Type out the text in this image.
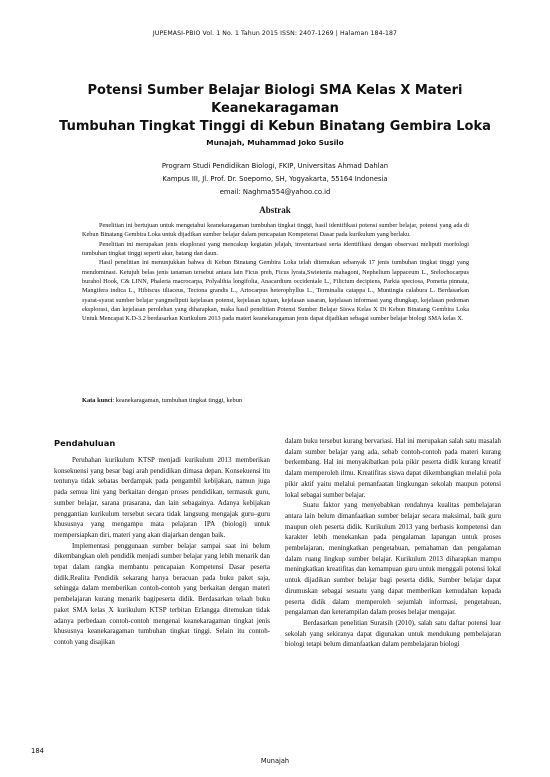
JUPEMASI-PBIO Vol. 1 No. 1 Tahun 2015 ISSN: 2407-1269 | Halaman 184-187
Potensi Sumber Belajar Biologi SMA Kelas X Materi Keanekaragaman
Tumbuhan Tingkat Tinggi di Kebun Binatang Gembira Loka
Munajah, Muhammad Joko Susilo
Program Studi Pendidikan Biologi, FKIP, Universitas Ahmad Dahlan
Kampus III, Jl. Prof. Dr. Soepomo, SH, Yogyakarta, 55164 Indonesia
email: Naghma554@yahoo.co.id
Abstrak

Penelitian ini bertujuan untuk mengetahui keanekaragaman tumbuhan tingkat tinggi, hasil identifikasi potensi sumber belajar, potensi yang ada di Kebun Binatang Gembira Loka untuk dijadikan sumber belajar dalam pencapaian Kompetensi Dasar pada kurikulum yang berlaku.

Penelitian ini merupakan jenis eksplorasi yang mencakup kegiatan jelajah, inventarisasi serta identifikasi dengan observasi meliputi morfologi tumbuhan tingkat tinggi seperti akar, batang dan daun.

Hasil penelitian ini menunjukkan bahwa di Kebun Binatang Gembira Loka telah ditemukan sebanyak 17 jenis tumbuhan tingkat tinggi yang mendominasi. Ketujuh belas jenis tanaman tersebut antara lain Ficus preh, Ficus lyrata,Swietenia mahagoni, Nephelium lappaceum L., Srelochocarpus burahol Hook, C& LINN, Phaleria macrocarpa, Polyalthia longifolia, Anacardium occidentale L., Filicium decipiens, Parkia speciosa, Pometia pinnata, Mangifera indica L., Hibiscus tiliaceus, Tectona grandis L., Artocarpus heterophyllus L., Terminalia catappa L., Muntingia calabura L. Berdasarkan syarat-syarat sumber belajar yangmeliputi kejelasan potensi, kejelasan tujuan, kejelasan sasaran, kejelasan informasi yang diungkap, kejelasan pedoman eksplorasi, dan kejelasan perolehan yang diharapkan, maka hasil penelitian Potensi Sumber Belajar Siswa Kelas X Di Kebun Binatang Gembira Loka Untuk Mencapai K.D-3.2 berdasarkan Kurikulum 2013 pada materi keanekaragaman jenis dapat dijadikan sebagai sumber belajar biologi SMA kelas X.

Kata kunci: keanekaragaman, tumbuhan tingkat tinggi, kebun
Pendahuluan

Perubahan kurikulum KTSP menjadi kurikulum 2013 memberikan konsekuensi yang besar bagi arah pendidikan dimasa depan. Konsekuensi itu tentunya tidak sebatas berdampak pada pengambil kebijakan, namun juga pada semua lini yang berkaitan dengan proses pendidikan, termasuk guru, sumber belajar, sarana prasarana, dan lain sebagainya. Adanya kebijakan penggantian kurikulum tersebut secara tidak langsung mengajak guru–guru khususnya yang mengampu mata pelajaran IPA (biologi) untuk mempersiapkan diri, materi yang akan diajarkan dengan baik.

Implementasi penggunaan sumber belajar sampai saat ini belum dikembangkan oleh pendidik menjadi sumber belajar yang lebih menarik dan tepat dalam rangka membantu pencapaian Kompetensi Dasar peserta didik.Realita Pendidik sekarang hanya beracuan pada buku paket saja, sehingga dalam memberikan contoh-contoh yang berkaitan dengan materi pembelajaran kurang menarik bagipeserta didik. Berdasarkan telaah buku paket SMA kelas X kurikulum KTSP terbitan Erlangga ditemukan tidak adanya perbedaan contoh-contoh mengenai keanekaragaman tingkat jenis khususnya keanekaragaman tumbuhan tingkat tinggi. Selain itu contoh-contoh yang disajikan

dalam buku tersebut kurang bervariasi. Hal ini merupakan salah satu masalah dalam sumber belajar yang ada, sebab contoh-contoh pada materi kurang berkembang. Hal ini menyakibatkan pola pikir peserta didik kurang kreatif dalam memperoleh ilmu. Kreatifitas siswa dapat dikembangkan melalui pola pikir aktif yaitu melalui pemanfaatan lingkungan sekolah maupun potensi lokal sebagai sumber belajar.

Suatu faktor yang menyebabkan rendahnya kualitas pembelajaran antara lain belum dimanfaatkan sumber belajar secara maksimal, baik guru maupun oleh peserta didik. Kurikulum 2013 yang berbasis kompetensi dan karakter lebih menekankan pada pengalaman lapangan untuk proses pembelajaran, meningkatkan pengetahuan, pemahaman dan pengalaman dalam ruang lingkup sumber belajar. Kurikulum 2013 diharapkan mampu meningkatkan kreatifitas dan kemampuan guru untuk menggali potensi lokal untuk dijadikan sumber belajar bagi peserta didik. Sumber belajar dapat dirumuskan sebagai sesuatu yang dapat memberikan kemudahan kepada peserta didik dalam memperoleh sejumlah informasi, pengetahuan, pengalaman dan keterampilan dalam proses belajar mengajar.

Berdasarkan penelitian Suratsih (2010), salah satu daftar potensi luar sekolah yang sekiranya dapat digunakan untuk mendukung pembelajaran biologi tetapi belum dimanfaatkan dalam pembelajaran biologi

184
Munajah
